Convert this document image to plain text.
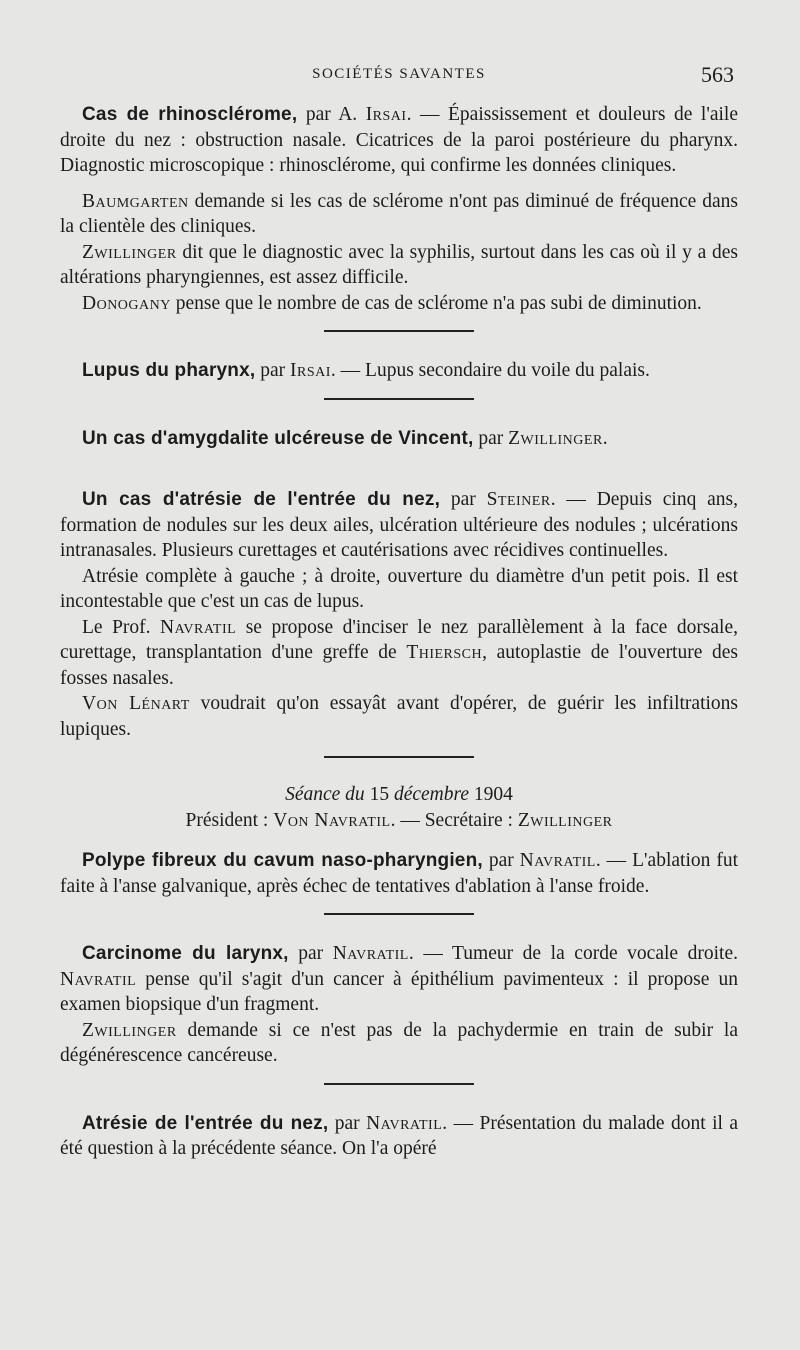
SOCIÉTÉS SAVANTES	563

Cas de rhinosclérome, par A. Irsai. — Épaississement et douleurs de l'aile droite du nez : obstruction nasale. Cicatrices de la paroi postérieure du pharynx. Diagnostic microscopique : rhinosclérome, qui confirme les données cliniques.

Baumgarten demande si les cas de sclérome n'ont pas diminué de fréquence dans la clientèle des cliniques.

Zwillinger dit que le diagnostic avec la syphilis, surtout dans les cas où il y a des altérations pharyngiennes, est assez difficile.

Donogany pense que le nombre de cas de sclérome n'a pas subi de diminution.

Lupus du pharynx, par Irsai. — Lupus secondaire du voile du palais.

Un cas d'amygdalite ulcéreuse de Vincent, par Zwillinger.

Un cas d'atrésie de l'entrée du nez, par Steiner. — Depuis cinq ans, formation de nodules sur les deux ailes, ulcération ultérieure des nodules ; ulcérations intranasales. Plusieurs curettages et cautérisations avec récidives continuelles.

Atrésie complète à gauche ; à droite, ouverture du diamètre d'un petit pois. Il est incontestable que c'est un cas de lupus.

Le Prof. Navratil se propose d'inciser le nez parallèlement à la face dorsale, curettage, transplantation d'une greffe de Thiersch, autoplastie de l'ouverture des fosses nasales.

Von Lénart voudrait qu'on essayât avant d'opérer, de guérir les infiltrations lupiques.

Séance du 15 décembre 1904
Président : Von Navratil. — Secrétaire : Zwillinger

Polype fibreux du cavum naso-pharyngien, par Navratil. — L'ablation fut faite à l'anse galvanique, après échec de tentatives d'ablation à l'anse froide.

Carcinome du larynx, par Navratil. — Tumeur de la corde vocale droite. Navratil pense qu'il s'agit d'un cancer à épithélium pavimenteux : il propose un examen biopsique d'un fragment.

Zwillinger demande si ce n'est pas de la pachydermie en train de subir la dégénérescence cancéreuse.

Atrésie de l'entrée du nez, par Navratil. — Présentation du malade dont il a été question à la précédente séance. On l'a opéré
